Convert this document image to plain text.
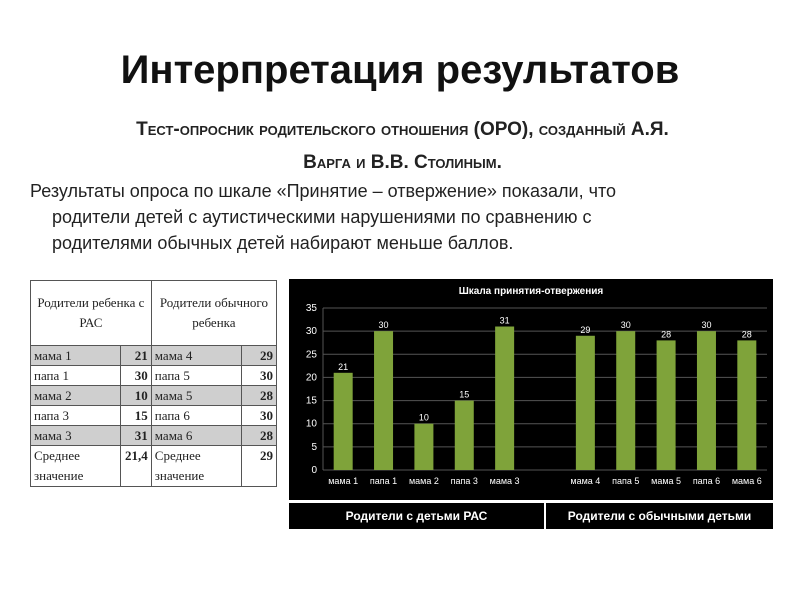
Интерпретация результатов
Тест-опросник родительского отношения (ОРО), созданный А.Я.
Варга и В.В. Столиным.
Результаты опроса по шкале «Принятие – отвержение» показали, что
родители детей с аутистическими нарушениями по сравнению с
родителями обычных детей набирают меньше баллов.
Родители ребенка с РАС		Родители обычного ребенка	
мама 1	21	мама 4	29
папа 1	30	папа 5	30
мама 2	10	мама 5	28
папа 3	15	папа 6	30
мама 3	31	мама 6	28
Среднее значение	21,4	Среднее значение	29
Шкала принятия-отвержения
0
5
10
15
20
25
30
35
21
мама 1
30
папа 1
10
мама 2
15
папа 3
31
мама 3
29
мама 4
30
папа 5
28
мама 5
30
папа 6
28
мама 6
Родители с детьми РАС	Родители с обычными детьми
